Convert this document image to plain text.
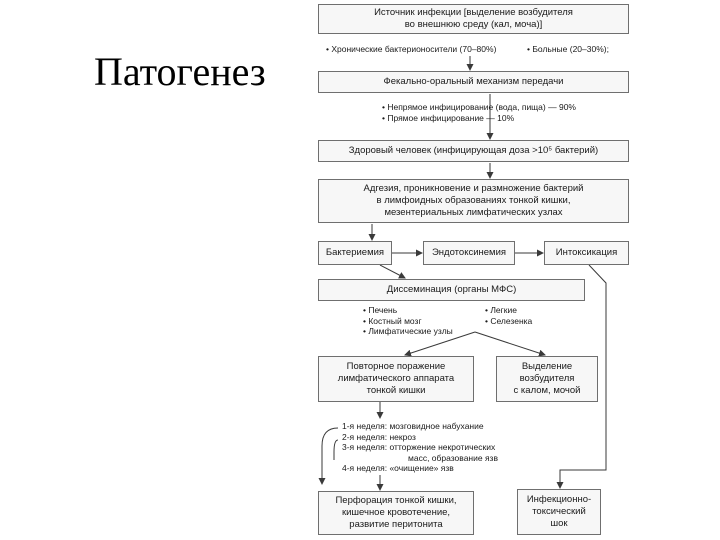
Патогенез
Источник инфекции [выделение возбудителя
во внешнюю среду (кал, моча)]
• Хронические бактерионосители (70–80%)	• Больные (20–30%);
Фекально-оральный механизм передачи
• Непрямое инфицирование (вода, пища) — 90%
• Прямое инфицирование — 10%
Здоровый человек (инфицирующая доза >10⁵ бактерий)
Адгезия, проникновение и размножение бактерий
в лимфоидных образованиях тонкой кишки,
мезентериальных лимфатических узлах
Бактериемия	Эндотоксинемия	Интоксикация
Диссеминация (органы МФС)
• Печень
• Костный мозг
• Лимфатические узлы
• Легкие
• Селезенка
Повторное поражение
лимфатического аппарата
тонкой кишки
Выделение
возбудителя
с калом, мочой
1-я неделя: мозговидное набухание
2-я неделя: некроз
3-я неделя: отторжение некротических
масс, образование язв
4-я неделя: «очищение» язв
Перфорация тонкой кишки,
кишечное кровотечение,
развитие перитонита
Инфекционно-
токсический
шок
